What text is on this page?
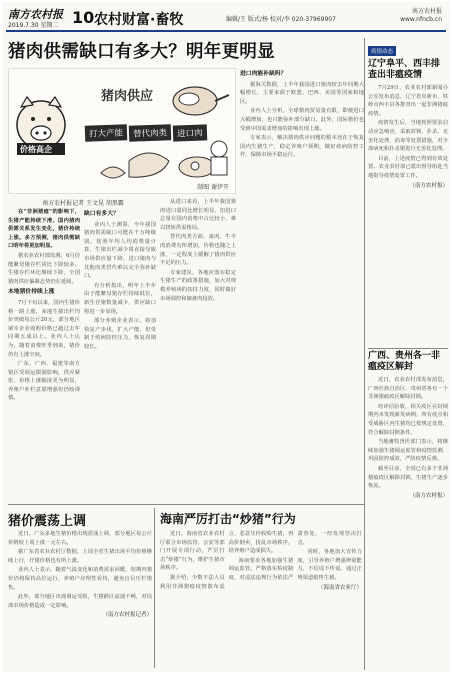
南方农村报
2019.7.30 星期二 10 农村财富·畜牧	编辑/王 版式/杨 校对/李 020-37969907
南方农村报
www.nfncb.cn
猪肉供需缺口有多大？明年更明显
价格高企
猪肉供应
打大产能	替代肉类	进口肉
制图 谢伊开
南方农村报记者 王文晃 胡黑霸

在“非洲猪瘟”的影响下，生猪产能持续下滑，国内猪肉供需关系发生变化，猪价持续上涨。多方预测，猪肉供需缺口明年将更加明显。

据农业农村部监测，6月份能繁母猪存栏同比下降较多，生猪存栏环比继续下降，全国猪肉供应偏紧态势仍在延续。

本地猪价持续上涨

7月下旬以来，国内生猪价格一路上涨，多地生猪出栏均价突破每公斤20元，部分地区屠宰企业收购价格已超过去年同期五成以上。业内人士认为，随着消费旺季到来，猪价仍有上涨空间。

广东、广西、福建等南方销区受调运限制影响，供应紧张，价格上涨幅度更为明显，养殖户补栏意愿增强但仍较谨慎。

缺口有多大？

业内人士测算，今年我国猪肉供需缺口可能在千万吨级别。按照年均人均消费量计算，生猪出栏减少将直接导致市场供应量下降，进口猪肉与其他肉类替代难以完全弥补缺口。

有分析指出，明年上半年由于能繁母猪存栏持续低位，新生仔猪数量减少，供应缺口将进一步显现。

部分养殖企业表示，将加快复产步伐，扩大产能，但受制于疫病防控压力，恢复周期较长。

从进口来看，上半年我国猪肉进口量同比增长明显，但进口总量在国内消费中占比较小，难以扭转供需格局。

替代肉类方面，禽肉、牛羊肉消费有所增加，价格也随之上涨，一定程度上缓解了猪肉供应不足的压力。

专家建议，各地应落实稳定生猪生产的政策措施，加大对规模养殖场的扶持力度，同时做好市场调控和储备肉投放。

进口肉能补缺吗？

据海关数据，上半年我国进口猪肉较去年同期大幅增长，主要来源于欧盟、巴西、美国等国家和地区。

业内人士分析，全球猪肉贸易量有限，即便进口大幅增加，也只能弥补部分缺口。此外，国际猪价也受到中国需求增加的影响出现上涨。

专家表示，解决猪肉供应问题的根本还在于恢复国内生猪生产，稳定养殖户预期，做好疫病防控工作，保障市场平稳运行。

猪价震荡上调

近日，广东多地生猪价格出现震荡上调，部分地区每公斤价格较上周上涨一元左右。

据广东省农业农村厅数据，上周全省生猪出场平均价格继续上行，仔猪价格也有所上涨。

业内人士表示，随着气温变化和消费需求回暖，短期内猪价仍将保持高位运行，养殖户应理性看待，避免盲目压栏惜售。

此外，部分地区出现调运受阻，生猪跨区流通不畅，对局部市场价格造成一定影响。

（南方农村报记者）
海南严厉打击“炒猪”行为

近日，海南省农业农村厅联合市场监管、公安等部门开展专项行动，严厉打击“炒猪”行为，维护生猪市场秩序。

据介绍，少数不法人员利用非洲猪瘟疫情散布谣言，恶意压价收购生猪，再高价倒卖，扰乱市场秩序，给养殖户造成损失。

海南要求各地加强生猪调运监管，严格落实检疫制度，对违法违规行为依法严肃查处，一经发现坚决打击。

同时，各地加大宣传力度，引导养殖户增强辨别能力，不信谣不传谣，通过正规渠道销售生猪。

（海南省农业厅）
疫情动态
辽宁阜平、西丰排查出非瘟疫情

7月29日，农业农村部新闻办公室发布消息，辽宁省阜新市、铁岭市西丰县各排查出一起非洲猪瘟疫情。

疫情发生后，当地按照要求启动应急响应，采取封锁、扑杀、无害化处理、消毒等处置措施，对全部病死和扑杀猪进行无害化处理。

目前，上述疫情已得到有效处置。农业农村部已派出督导组赴当地指导疫情处置工作。

（南方农村报）
广西、贵州各一非瘟疫区解封

近日，农业农村部发布消息，广西壮族自治区、贵州省各有一个非洲猪瘟疫区解除封锁。

经评估验收，相关疫区在封锁期内未发现新发病例，所有疫点和受威胁区内生猪均已按规定处置，符合解除封锁条件。

当地畜牧兽医部门表示，将继续加强生猪调运监管和疫情监测，巩固防控成效，严防疫情反弹。

截至目前，全国已有多个非洲猪瘟疫区解除封锁，生猪生产逐步恢复。

（南方农村报）
